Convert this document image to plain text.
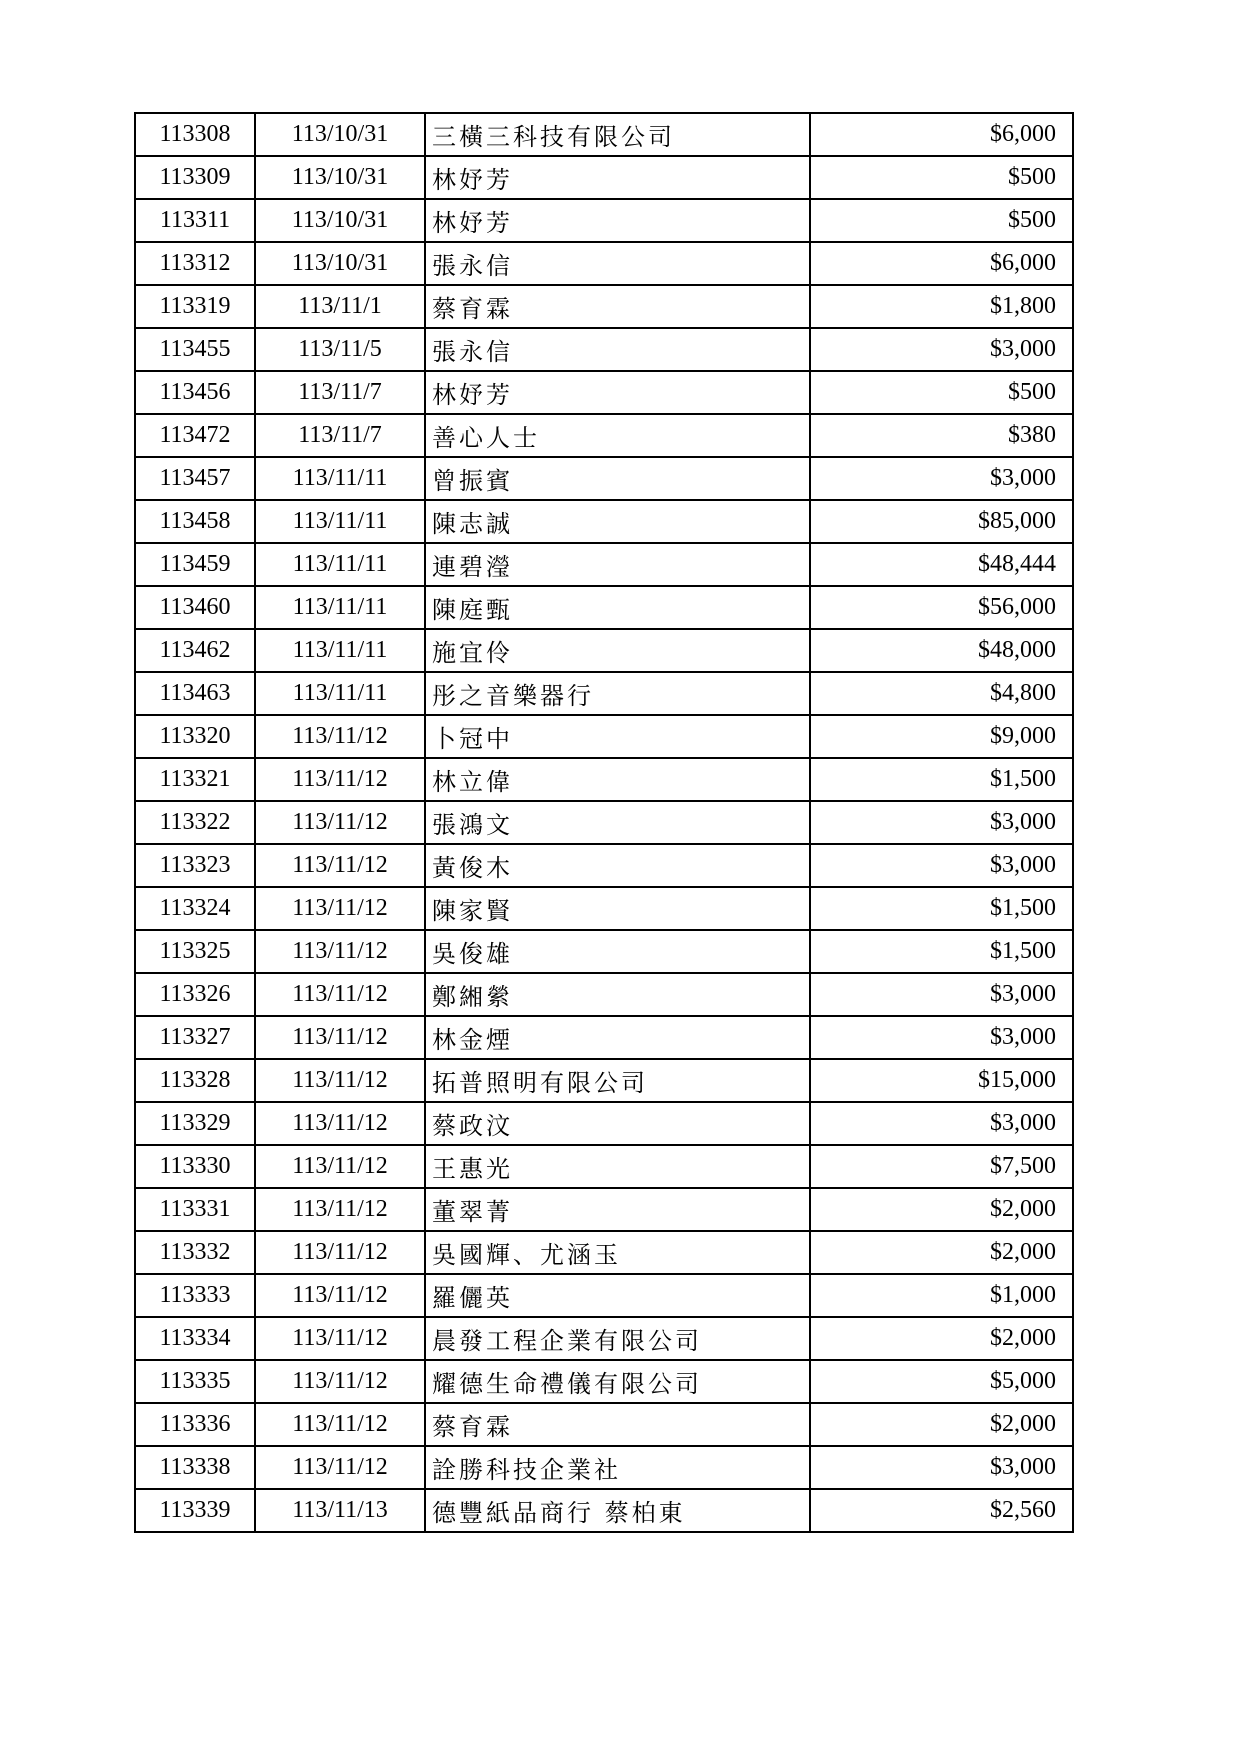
113308	113/10/31	三橫三科技有限公司	$6,000
113309	113/10/31	林妤芳	$500
113311	113/10/31	林妤芳	$500
113312	113/10/31	張永信	$6,000
113319	113/11/1	蔡育霖	$1,800
113455	113/11/5	張永信	$3,000
113456	113/11/7	林妤芳	$500
113472	113/11/7	善心人士	$380
113457	113/11/11	曾振賓	$3,000
113458	113/11/11	陳志誠	$85,000
113459	113/11/11	連碧瀅	$48,444
113460	113/11/11	陳庭甄	$56,000
113462	113/11/11	施宜伶	$48,000
113463	113/11/11	彤之音樂器行	$4,800
113320	113/11/12	卜冠中	$9,000
113321	113/11/12	林立偉	$1,500
113322	113/11/12	張鴻文	$3,000
113323	113/11/12	黃俊木	$3,000
113324	113/11/12	陳家賢	$1,500
113325	113/11/12	吳俊雄	$1,500
113326	113/11/12	鄭緗縈	$3,000
113327	113/11/12	林金煙	$3,000
113328	113/11/12	拓普照明有限公司	$15,000
113329	113/11/12	蔡政汶	$3,000
113330	113/11/12	王惠光	$7,500
113331	113/11/12	董翠菁	$2,000
113332	113/11/12	吳國輝、尤涵玉	$2,000
113333	113/11/12	羅儷英	$1,000
113334	113/11/12	晨發工程企業有限公司	$2,000
113335	113/11/12	耀德生命禮儀有限公司	$5,000
113336	113/11/12	蔡育霖	$2,000
113338	113/11/12	詮勝科技企業社	$3,000
113339	113/11/13	德豐紙品商行 蔡柏東	$2,560
